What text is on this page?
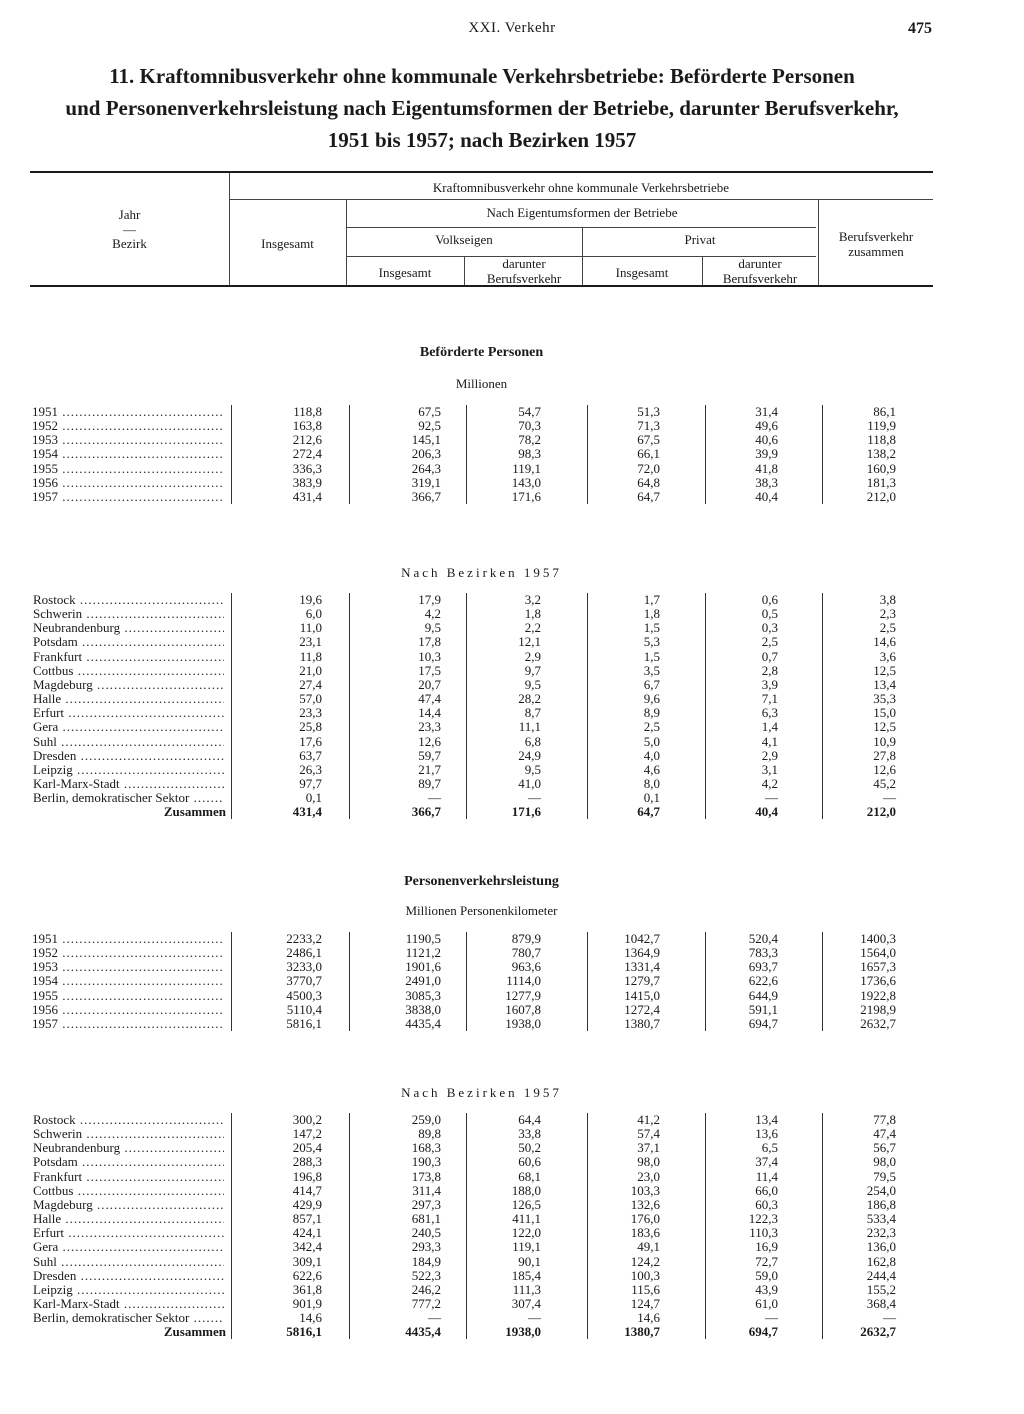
XXI. Verkehr	475
11. Kraftomnibusverkehr ohne kommunale Verkehrsbetriebe: Beförderte Personen
und Personenverkehrsleistung nach Eigentumsformen der Betriebe, darunter Berufsverkehr,
1951 bis 1957; nach Bezirken 1957
Jahr
—
Bezirk
Kraftomnibusverkehr ohne kommunale Verkehrsbetriebe
Insgesamt
Nach Eigentumsformen der Betriebe
Volkseigen	Privat
Insgesamt
darunter Berufsverkehr	Insgesamt
darunter Berufsverkehr
Berufsverkehr zusammen
Beförderte Personen
Millionen
1951 .....	118,8	67,5	54,7	51,3	31,4	86,1
1952 .....	163,8	92,5	70,3	71,3	49,6	119,9
1953 .....	212,6	145,1	78,2	67,5	40,6	118,8
1954 .....	272,4	206,3	98,3	66,1	39,9	138,2
1955 .....	336,3	264,3	119,1	72,0	41,8	160,9
1956 .....	383,9	319,1	143,0	64,8	38,3	181,3
1957 .....	431,4	366,7	171,6	64,7	40,4	212,0
Nach Bezirken 1957
Rostock .....	19,6	17,9	3,2	1,7	0,6	3,8
Schwerin .....	6,0	4,2	1,8	1,8	0,5	2,3
Neubrandenburg .....	11,0	9,5	2,2	1,5	0,3	2,5
Potsdam .....	23,1	17,8	12,1	5,3	2,5	14,6
Frankfurt .....	11,8	10,3	2,9	1,5	0,7	3,6
Cottbus .....	21,0	17,5	9,7	3,5	2,8	12,5
Magdeburg .....	27,4	20,7	9,5	6,7	3,9	13,4
Halle .....	57,0	47,4	28,2	9,6	7,1	35,3
Erfurt .....	23,3	14,4	8,7	8,9	6,3	15,0
Gera .....	25,8	23,3	11,1	2,5	1,4	12,5
Suhl .....	17,6	12,6	6,8	5,0	4,1	10,9
Dresden .....	63,7	59,7	24,9	4,0	2,9	27,8
Leipzig .....	26,3	21,7	9,5	4,6	3,1	12,6
Karl-Marx-Stadt .....	97,7	89,7	41,0	8,0	4,2	45,2
Berlin, demokratischer Sektor .....	0,1	—	—	0,1	—	—
Zusammen	431,4	366,7	171,6	64,7	40,4	212,0
Personenverkehrsleistung
Millionen Personenkilometer
1951 .....	2233,2	1190,5	879,9	1042,7	520,4	1400,3
1952 .....	2486,1	1121,2	780,7	1364,9	783,3	1564,0
1953 .....	3233,0	1901,6	963,6	1331,4	693,7	1657,3
1954 .....	3770,7	2491,0	1114,0	1279,7	622,6	1736,6
1955 .....	4500,3	3085,3	1277,9	1415,0	644,9	1922,8
1956 .....	5110,4	3838,0	1607,8	1272,4	591,1	2198,9
1957 .....	5816,1	4435,4	1938,0	1380,7	694,7	2632,7
Nach Bezirken 1957
Rostock .....	300,2	259,0	64,4	41,2	13,4	77,8
Schwerin .....	147,2	89,8	33,8	57,4	13,6	47,4
Neubrandenburg .....	205,4	168,3	50,2	37,1	6,5	56,7
Potsdam .....	288,3	190,3	60,6	98,0	37,4	98,0
Frankfurt .....	196,8	173,8	68,1	23,0	11,4	79,5
Cottbus .....	414,7	311,4	188,0	103,3	66,0	254,0
Magdeburg .....	429,9	297,3	126,5	132,6	60,3	186,8
Halle .....	857,1	681,1	411,1	176,0	122,3	533,4
Erfurt .....	424,1	240,5	122,0	183,6	110,3	232,3
Gera .....	342,4	293,3	119,1	49,1	16,9	136,0
Suhl .....	309,1	184,9	90,1	124,2	72,7	162,8
Dresden .....	622,6	522,3	185,4	100,3	59,0	244,4
Leipzig .....	361,8	246,2	111,3	115,6	43,9	155,2
Karl-Marx-Stadt .....	901,9	777,2	307,4	124,7	61,0	368,4
Berlin, demokratischer Sektor .....	14,6	—	—	14,6	—	—
Zusammen	5816,1	4435,4	1938,0	1380,7	694,7	2632,7
